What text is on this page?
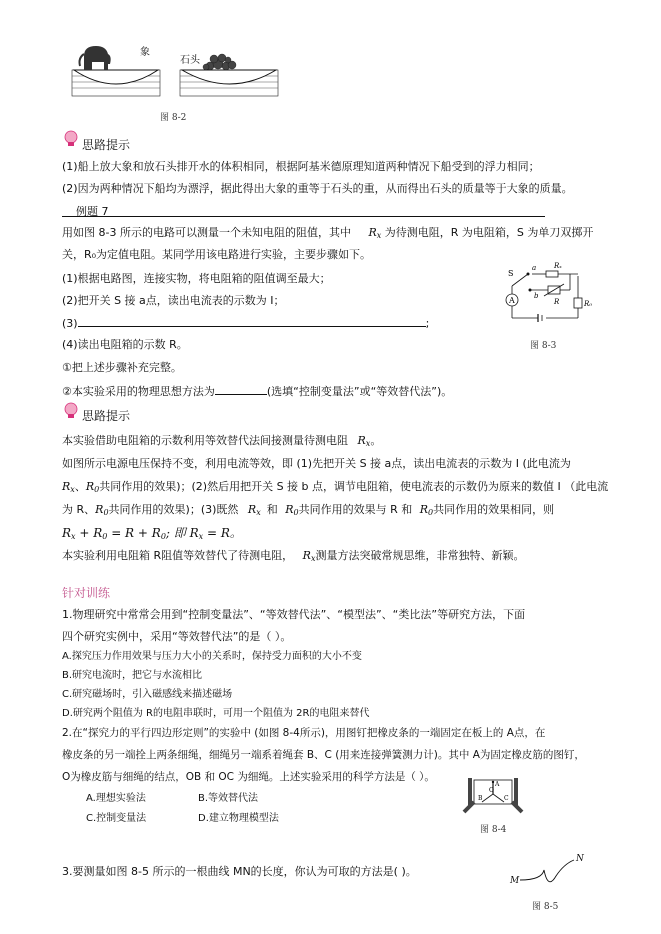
象
石头
图 8-2
思路提示
(1)船上放大象和放石头排开水的体积相同，根据阿基米德原理知道两种情况下船受到的浮力相同；
(2)因为两种情况下船均为漂浮，据此得出大象的重等于石头的重，从而得出石头的质量等于大象的质量。
例题 7
用如图 8-3 所示的电路可以测量一个未知电阻的阻值，其中 $R_x$ 为待测电阻，R 为电阻箱，S 为单刀双掷开
关，R₀为定值电阻。某同学用该电路进行实验，主要步骤如下。
(1)根据电路图，连接实物，将电阻箱的阻值调至最大；
(2)把开关 S 接 a点，读出电流表的示数为 I；
(3)	;
(4)读出电阻箱的示数 R。
①把上述步骤补充完整。
②本实验采用的物理思想方法为	(选填“控制变量法”或“等效替代法”)。
A
S
a
b
Rₓ
R	R₀
图 8-3
思路提示
本实验借助电阻箱的示数利用等效替代法间接测量待测电阻 $R_x$。
如图所示电源电压保持不变，利用电流等效，即 (1)先把开关 S 接 a点，读出电流表的示数为 I (此电流为
$R_x$、$R_0$共同作用的效果)；(2)然后用把开关 S 接 b 点，调节电阻箱，使电流表的示数仍为原来的数值 I （此电流
为 R、$R_0$共同作用的效果)；(3)既然 $R_x$ 和 $R_0$共同作用的效果与 R 和 $R_0$共同作用的效果相同，则
$R_x + R_0 = R + R_0$; 即 $R_x = R$。
本实验利用电阻箱 R阻值等效替代了待测电阻， $R_x$测量方法突破常规思维，非常独特、新颖。
针对训练
1.物理研究中常常会用到“控制变量法”、“等效替代法”、“模型法”、“类比法”等研究方法，下面
四个研究实例中，采用“等效替代法”的是（ ）。
A.探究压力作用效果与压力大小的关系时，保持受力面积的大小不变
B.研究电流时，把它与水流相比
C.研究磁场时，引入磁感线来描述磁场
D.研究两个阻值为 R的电阻串联时，可用一个阻值为 2R的电阻来替代
2.在“探究力的平行四边形定则”的实验中 (如图 8-4所示)，用图钉把橡皮条的一端固定在板上的 A点，在
橡皮条的另一端拴上两条细绳，细绳另一端系着绳套 B、C (用来连接弹簧测力计)。其中 A为固定橡皮筋的图钉，
O为橡皮筋与细绳的结点，OB 和 OC 为细绳。上述实验采用的科学方法是（ ）。
A.理想实验法	B.等效替代法
C.控制变量法	D.建立物理模型法
A
O
B	C
图 8-4
3.要测量如图 8-5 所示的一根曲线 MN的长度，你认为可取的方法是( )。
M
N
图 8-5
